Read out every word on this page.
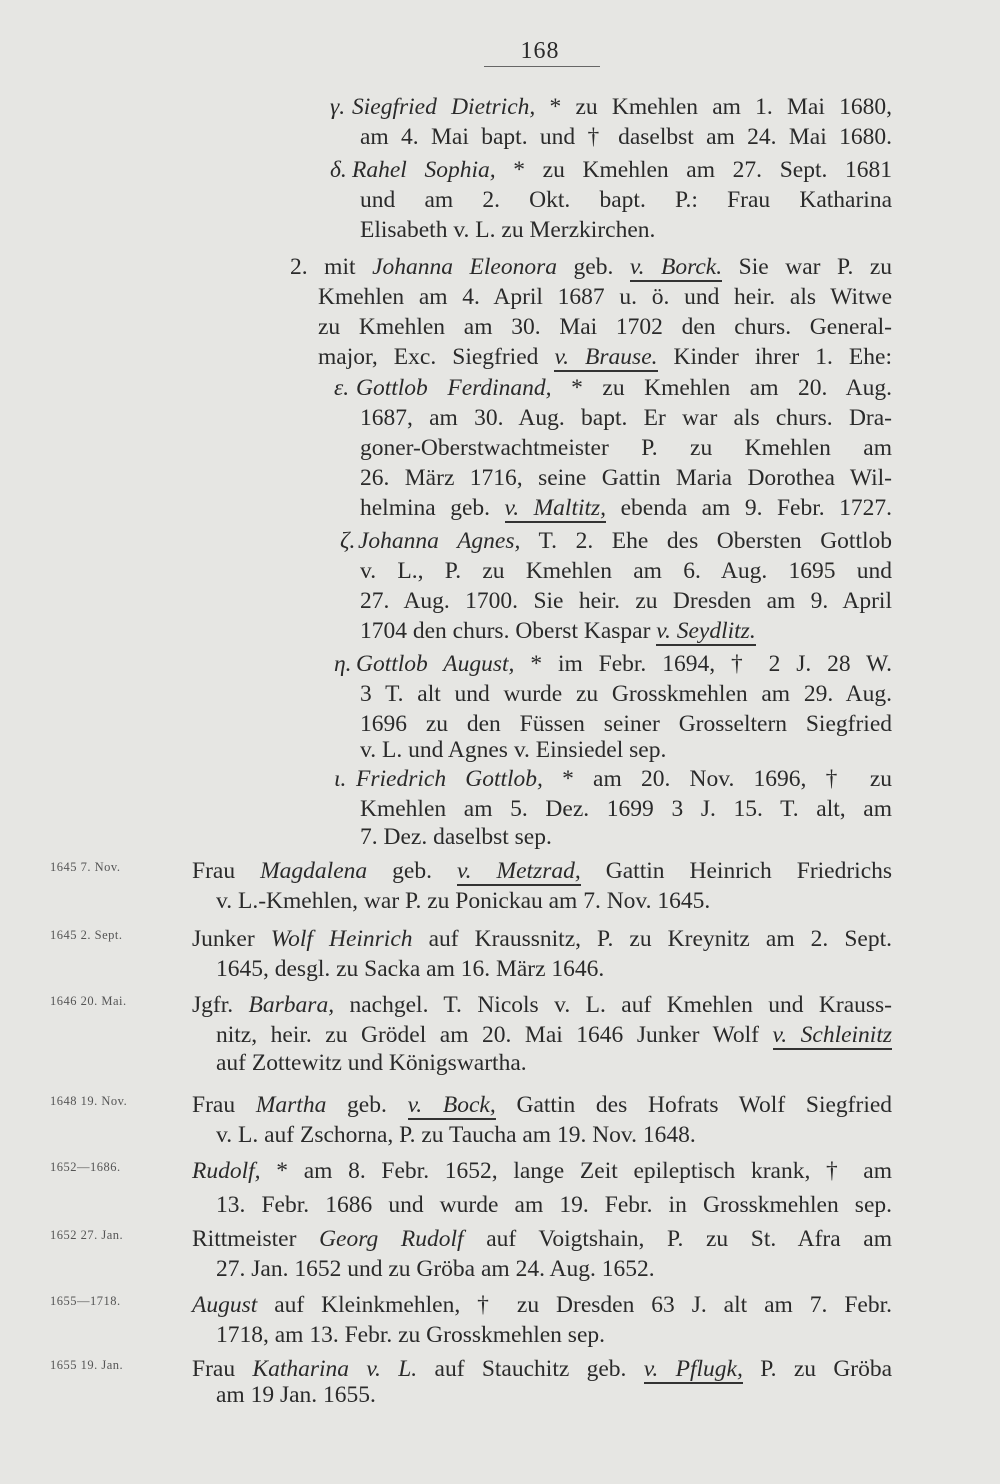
168
γ. Siegfried Dietrich, * zu Kmehlen am 1. Mai 1680,
am 4. Mai bapt. und † daselbst am 24. Mai 1680.
δ. Rahel Sophia, * zu Kmehlen am 27. Sept. 1681
und am 2. Okt. bapt. P.: Frau Katharina
Elisabeth v. L. zu Merzkirchen.
2. mit Johanna Eleonora geb. v. Borck. Sie war P. zu
Kmehlen am 4. April 1687 u. ö. und heir. als Witwe
zu Kmehlen am 30. Mai 1702 den churs. General-
major, Exc. Siegfried v. Brause. Kinder ihrer 1. Ehe:
ε. Gottlob Ferdinand, * zu Kmehlen am 20. Aug.
1687, am 30. Aug. bapt. Er war als churs. Dra-
goner-Oberstwachtmeister P. zu Kmehlen am
26. März 1716, seine Gattin Maria Dorothea Wil-
helmina geb. v. Maltitz, ebenda am 9. Febr. 1727.
ζ. Johanna Agnes, T. 2. Ehe des Obersten Gottlob
v. L., P. zu Kmehlen am 6. Aug. 1695 und
27. Aug. 1700. Sie heir. zu Dresden am 9. April
1704 den churs. Oberst Kaspar v. Seydlitz.
η. Gottlob August, * im Febr. 1694, † 2 J. 28 W.
3 T. alt und wurde zu Grosskmehlen am 29. Aug.
1696 zu den Füssen seiner Grosseltern Siegfried
v. L. und Agnes v. Einsiedel sep.
ι. Friedrich Gottlob, * am 20. Nov. 1696, † zu
Kmehlen am 5. Dez. 1699 3 J. 15. T. alt, am
7. Dez. daselbst sep.
1645 7. Nov.	Frau Magdalena geb. v. Metzrad, Gattin Heinrich Friedrichs
v. L.-Kmehlen, war P. zu Ponickau am 7. Nov. 1645.
1645 2. Sept.	Junker Wolf Heinrich auf Kraussnitz, P. zu Kreynitz am 2. Sept.
1645, desgl. zu Sacka am 16. März 1646.
1646 20. Mai.	Jgfr. Barbara, nachgel. T. Nicols v. L. auf Kmehlen und Krauss-
nitz, heir. zu Grödel am 20. Mai 1646 Junker Wolf v. Schleinitz
auf Zottewitz und Königswartha.
1648 19. Nov.	Frau Martha geb. v. Bock, Gattin des Hofrats Wolf Siegfried
v. L. auf Zschorna, P. zu Taucha am 19. Nov. 1648.
1652—1686.	Rudolf, * am 8. Febr. 1652, lange Zeit epileptisch krank, † am
13. Febr. 1686 und wurde am 19. Febr. in Grosskmehlen sep.
1652 27. Jan.	Rittmeister Georg Rudolf auf Voigtshain, P. zu St. Afra am
27. Jan. 1652 und zu Gröba am 24. Aug. 1652.
1655—1718.	August auf Kleinkmehlen, † zu Dresden 63 J. alt am 7. Febr.
1718, am 13. Febr. zu Grosskmehlen sep.
1655 19. Jan.	Frau Katharina v. L. auf Stauchitz geb. v. Pflugk, P. zu Gröba
am 19 Jan. 1655.
